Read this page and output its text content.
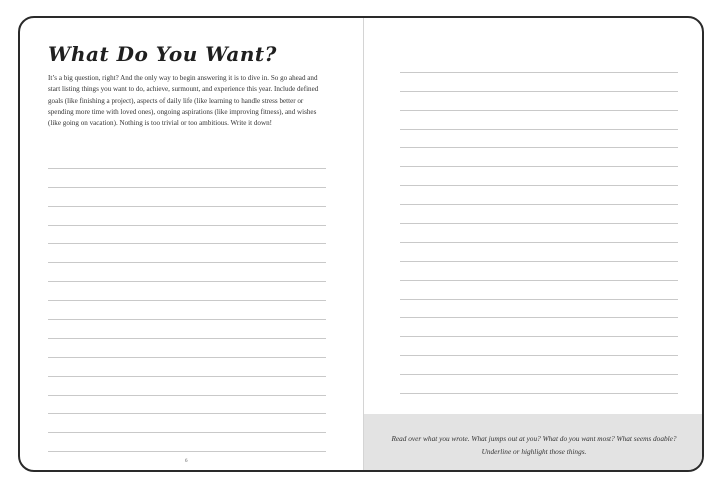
What Do You Want?

It’s a big question, right? And the only way to begin answering it is to dive in. So go ahead and start listing things you want to do, achieve, surmount, and experience this year. Include defined goals (like finishing a project), aspects of daily life (like learning to handle stress better or spending more time with loved ones), ongoing aspirations (like improving fitness), and wishes (like going on vacation). Nothing is too trivial or too ambitious. Write it down!

6

Read over what you wrote. What jumps out at you? What do you want most? What seems doable? Underline or highlight those things.
